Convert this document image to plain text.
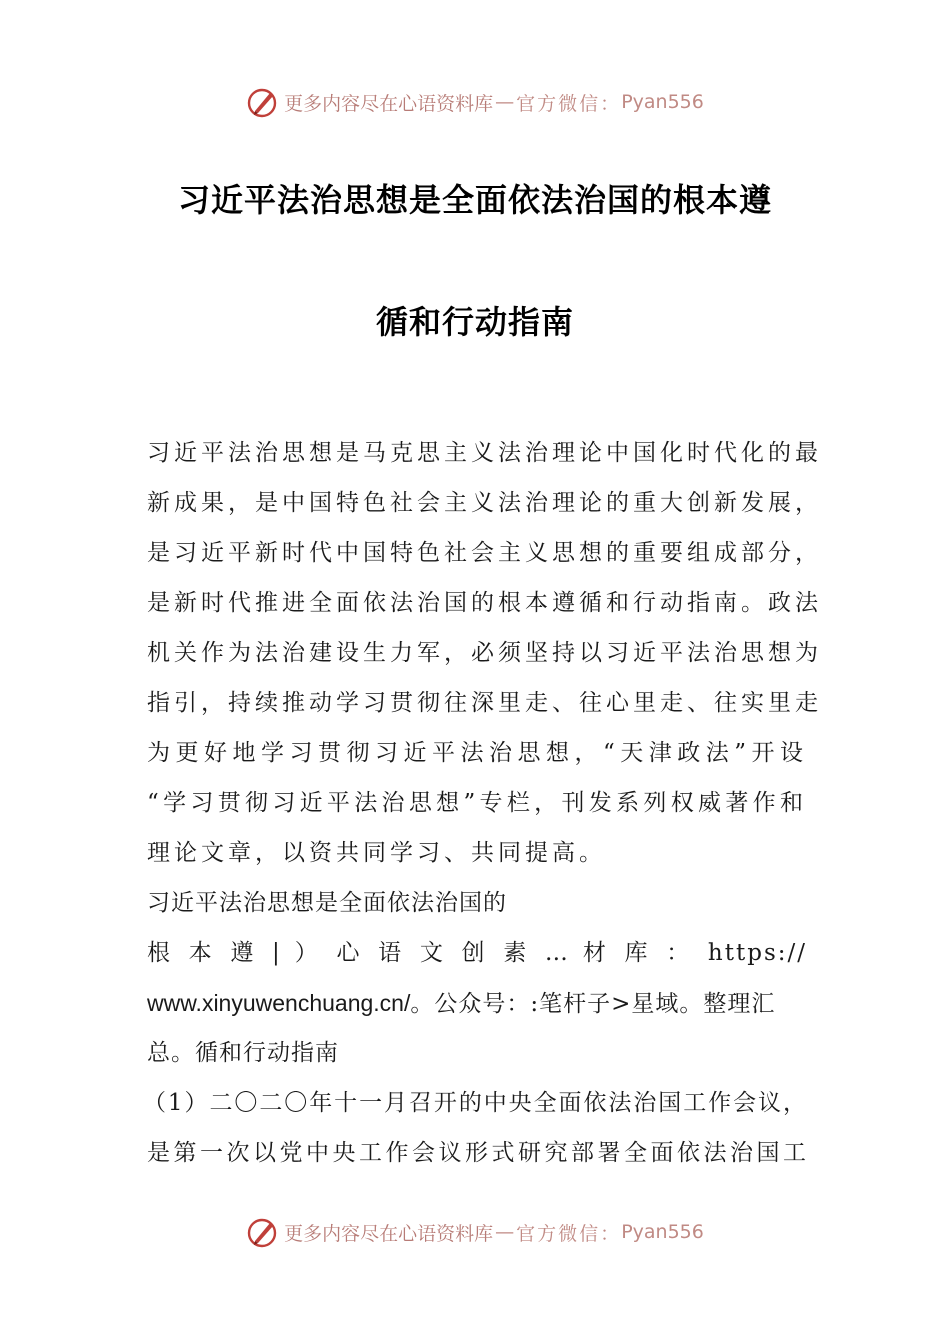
更多内容尽在心语资料库 — 官方微信： Pyan556
习近平法治思想是全面依法治国的根本遵
循和行动指南
习近平法治思想是马克思主义法治理论中国化时代化的最
新成果，是中国特色社会主义法治理论的重大创新发展，
是习近平新时代中国特色社会主义思想的重要组成部分，
是新时代推进全面依法治国的根本遵循和行动指南。政法
机关作为法治建设生力军，必须坚持以习近平法治思想为
指引，持续推动学习贯彻往深里走、往心里走、往实里走
为更好地学习贯彻习近平法治思想，“天津政法”开设
“学习贯彻习近平法治思想”专栏，刊发系列权威著作和
理论文章，以资共同学习、共同提高。
习近平法治思想是全面依法治国的
根 本 遵 | ） 心 语 文 创 素 … 材 库 ： https://
www.xinyuwenchuang.cn/。公众号：:笔杆子>星域。整理汇
总。循和行动指南
（1）二〇二〇年十一月召开的中央全面依法治国工作会议，
是第一次以党中央工作会议形式研究部署全面依法治国工
更多内容尽在心语资料库 — 官方微信： Pyan556
